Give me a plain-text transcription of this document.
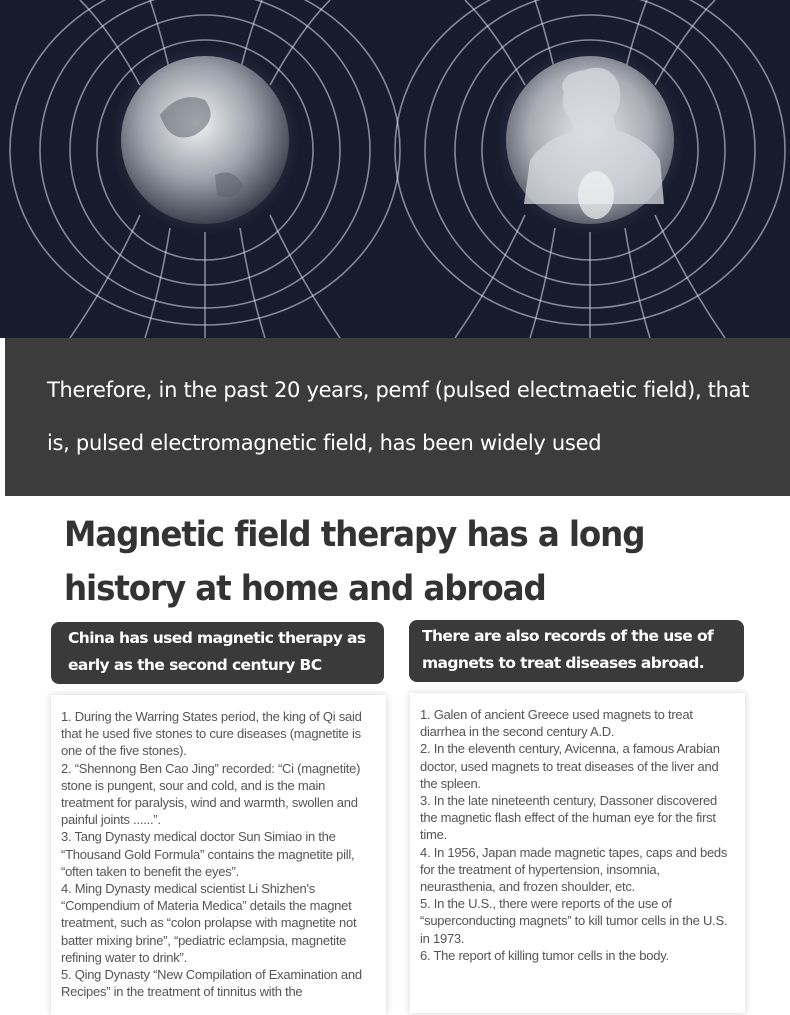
Therefore, in the past 20 years, pemf (pulsed electmaetic field), that is, pulsed electromagnetic field, has been widely used

Magnetic field therapy has a long history at home and abroad
China has used magnetic therapy as early as the second century BC
There are also records of the use of magnets to treat diseases abroad.
1. During the Warring States period, the king of Qi said that he used five stones to cure diseases (magnetite is one of the five stones).
2. “Shennong Ben Cao Jing” recorded: “Ci (magnetite) stone is pungent, sour and cold, and is the main treatment for paralysis, wind and warmth, swollen and painful joints ......”.
3. Tang Dynasty medical doctor Sun Simiao in the “Thousand Gold Formula” contains the magnetite pill, “often taken to benefit the eyes”.
4. Ming Dynasty medical scientist Li Shizhen's “Compendium of Materia Medica” details the magnet treatment, such as “colon prolapse with magnetite not batter mixing brine”, “pediatric eclampsia, magnetite refining water to drink”.
5. Qing Dynasty “New Compilation of Examination and Recipes” in the treatment of tinnitus with the
1. Galen of ancient Greece used magnets to treat diarrhea in the second century A.D.
2. In the eleventh century, Avicenna, a famous Arabian doctor, used magnets to treat diseases of the liver and the spleen.
3. In the late nineteenth century, Dassoner discovered the magnetic flash effect of the human eye for the first time.
4. In 1956, Japan made magnetic tapes, caps and beds for the treatment of hypertension, insomnia, neurasthenia, and frozen shoulder, etc.
5. In the U.S., there were reports of the use of “superconducting magnets” to kill tumor cells in the U.S. in 1973.
6. The report of killing tumor cells in the body.
